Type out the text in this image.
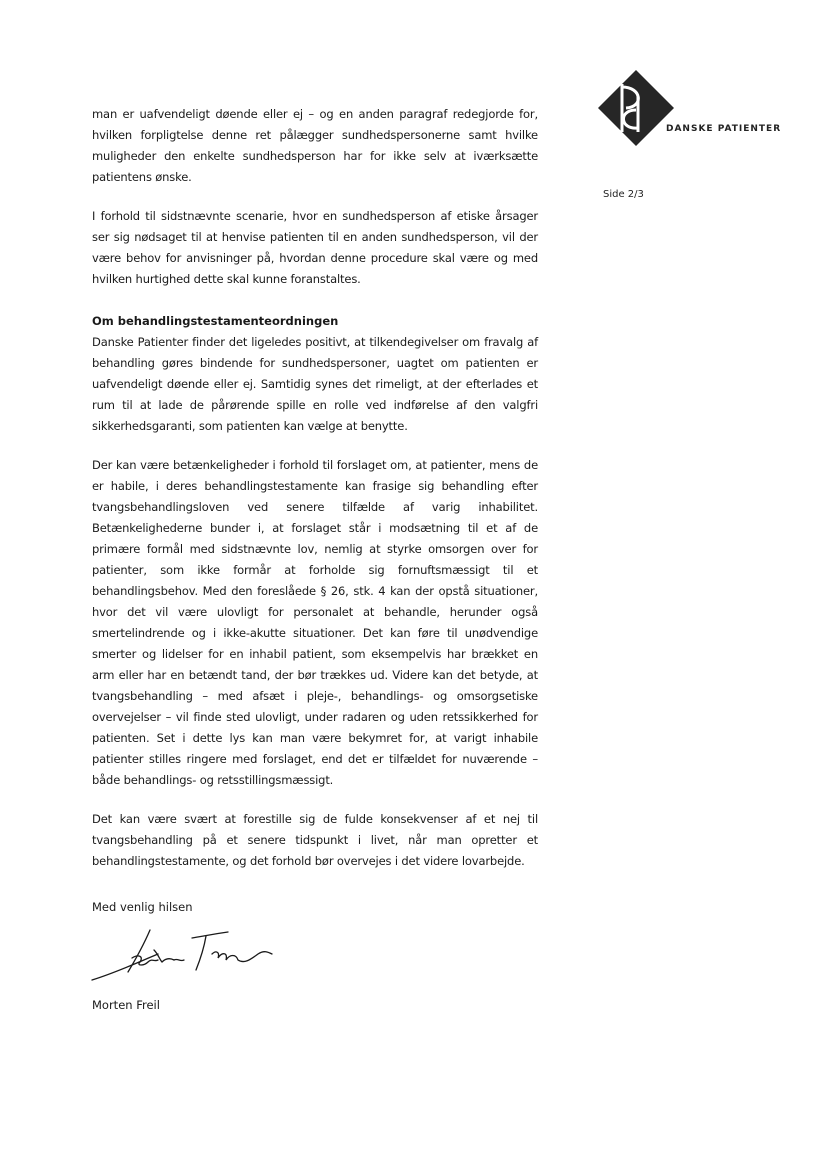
DANSKE PATIENTER
Side 2/3

man er uafvendeligt døende eller ej – og en anden paragraf redegjorde for, hvilken forpligtelse denne ret pålægger sundhedspersonerne samt hvilke muligheder den enkelte sundhedsperson har for ikke selv at iværksætte patientens ønske.

I forhold til sidstnævnte scenarie, hvor en sundhedsperson af etiske årsager ser sig nødsaget til at henvise patienten til en anden sundhedsperson, vil der være behov for anvisninger på, hvordan denne procedure skal være og med hvilken hurtighed dette skal kunne foranstaltes.

Om behandlingstestamenteordningen

Danske Patienter finder det ligeledes positivt, at tilkendegivelser om fravalg af behandling gøres bindende for sundhedspersoner, uagtet om patienten er uafvendeligt døende eller ej. Samtidig synes det rimeligt, at der efterlades et rum til at lade de pårørende spille en rolle ved indførelse af den valgfri sikkerhedsgaranti, som patienten kan vælge at benytte.

Der kan være betænkeligheder i forhold til forslaget om, at patienter, mens de er habile, i deres behandlingstestamente kan frasige sig behandling efter tvangsbehandlingsloven ved senere tilfælde af varig inhabilitet. Betænkelighederne bunder i, at forslaget står i modsætning til et af de primære formål med sidstnævnte lov, nemlig at styrke omsorgen over for patienter, som ikke formår at forholde sig fornuftsmæssigt til et behandlingsbehov. Med den foreslåede § 26, stk. 4 kan der opstå situationer, hvor det vil være ulovligt for personalet at behandle, herunder også smertelindrende og i ikke-akutte situationer. Det kan føre til unødvendige smerter og lidelser for en inhabil patient, som eksempelvis har brækket en arm eller har en betændt tand, der bør trækkes ud. Videre kan det betyde, at tvangsbehandling – med afsæt i pleje-, behandlings- og omsorgsetiske overvejelser – vil finde sted ulovligt, under radaren og uden retssikkerhed for patienten. Set i dette lys kan man være bekymret for, at varigt inhabile patienter stilles ringere med forslaget, end det er tilfældet for nuværende – både behandlings- og retsstillingsmæssigt.

Det kan være svært at forestille sig de fulde konsekvenser af et nej til tvangsbehandling på et senere tidspunkt i livet, når man opretter et behandlingstestamente, og det forhold bør overvejes i det videre lovarbejde.

Med venlig hilsen
Morten Freil
